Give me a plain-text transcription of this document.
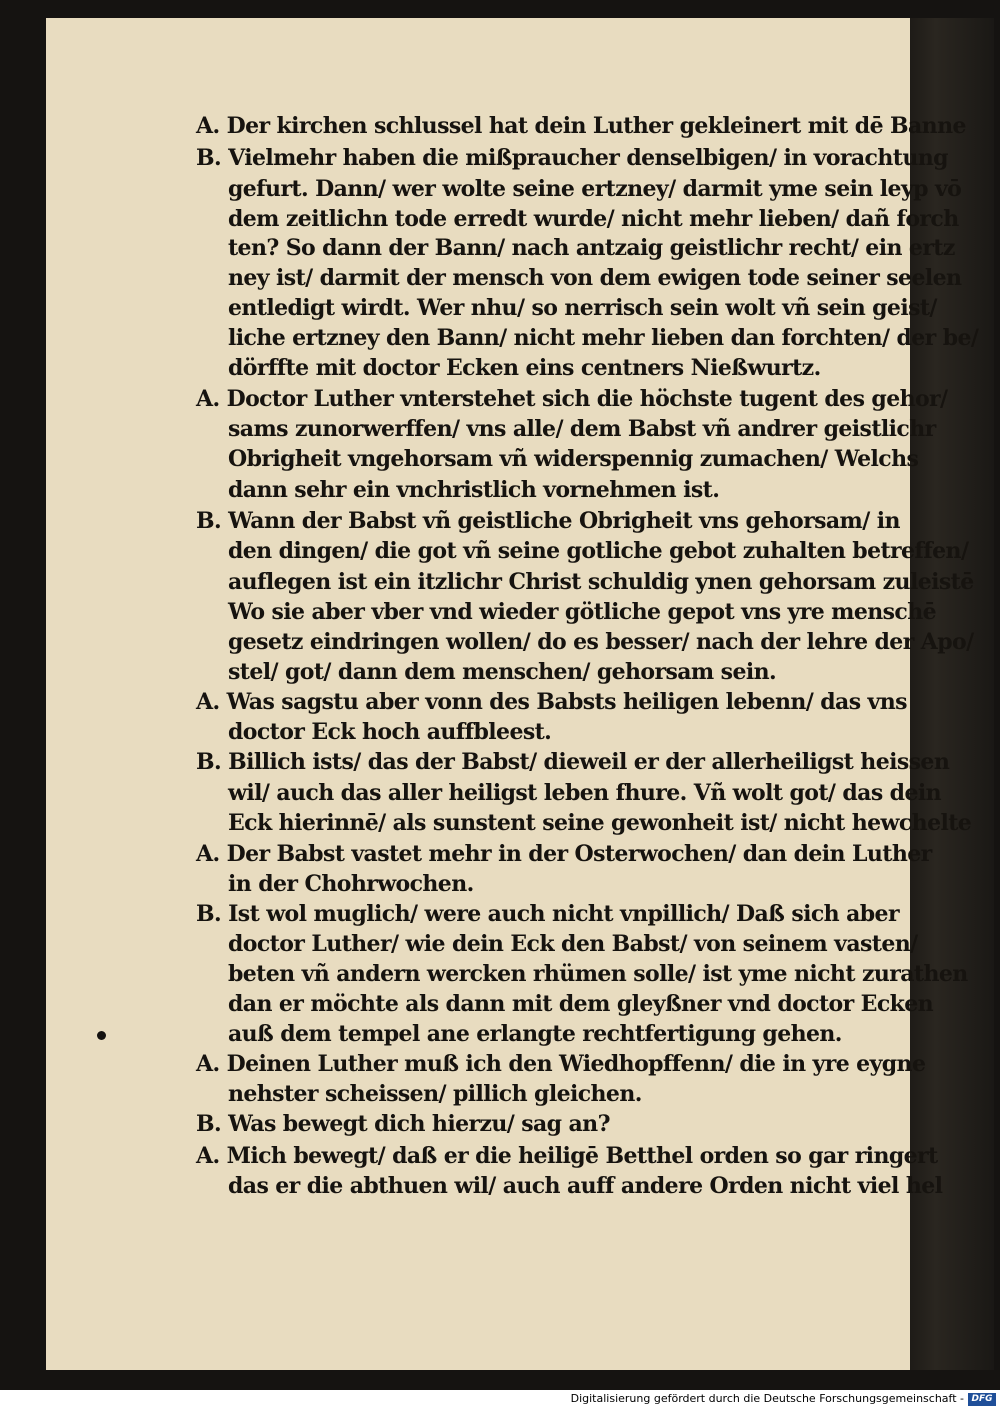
A. Der kirchen schlussel hat dein Luther gekleinert mit dē Banne
B. Vielmehr haben die mißpraucher denselbigen/ in vorachtung
gefurt. Dann/ wer wolte seine ertzney/ darmit yme sein leyp vō
dem zeitlichn tode erredt wurde/ nicht mehr lieben/ dañ forch
ten? So dann der Bann/ nach antzaig geistlichr recht/ ein ertz
ney ist/ darmit der mensch von dem ewigen tode seiner seelen
entledigt wirdt. Wer nhu/ so nerrisch sein wolt vñ sein geist/
liche ertzney den Bann/ nicht mehr lieben dan forchten/ der be/
dörffte mit doctor Ecken eins centners Nießwurtz.
A. Doctor Luther vnterstehet sich die höchste tugent des gehor/
sams zunorwerffen/ vns alle/ dem Babst vñ andrer geistlichr
Obrigheit vngehorsam vñ widerspennig zumachen/ Welchs
dann sehr ein vnchristlich vornehmen ist.
B. Wann der Babst vñ geistliche Obrigheit vns gehorsam/ in
den dingen/ die got vñ seine gotliche gebot zuhalten betreffen/
auflegen ist ein itzlichr Christ schuldig ynen gehorsam zuleistē
Wo sie aber vber vnd wieder götliche gepot vns yre menschē
gesetz eindringen wollen/ do es besser/ nach der lehre der Apo/
stel/ got/ dann dem menschen/ gehorsam sein.
A. Was sagstu aber vonn des Babsts heiligen lebenn/ das vns
doctor Eck hoch auffbleest.
B. Billich ists/ das der Babst/ dieweil er der allerheiligst heissen
wil/ auch das aller heiligst leben fhure. Vñ wolt got/ das dein
Eck hierinnē/ als sunstent seine gewonheit ist/ nicht hewchelte
A. Der Babst vastet mehr in der Osterwochen/ dan dein Luther
in der Chohrwochen.
B. Ist wol muglich/ were auch nicht vnpillich/ Daß sich aber
doctor Luther/ wie dein Eck den Babst/ von seinem vasten/
beten vñ andern wercken rhümen solle/ ist yme nicht zurathen
dan er möchte als dann mit dem gleyßner vnd doctor Ecken
auß dem tempel ane erlangte rechtfertigung gehen.
A. Deinen Luther muß ich den Wiedhopffenn/ die in yre eygne
nehster scheissen/ pillich gleichen.
B. Was bewegt dich hierzu/ sag an?
A. Mich bewegt/ daß er die heiligē Betthel orden so gar ringert
das er die abthuen wil/ auch auff andere Orden nicht viel hel
Digitalisierung gefördert durch die Deutsche Forschungsgemeinschaft - DFG
